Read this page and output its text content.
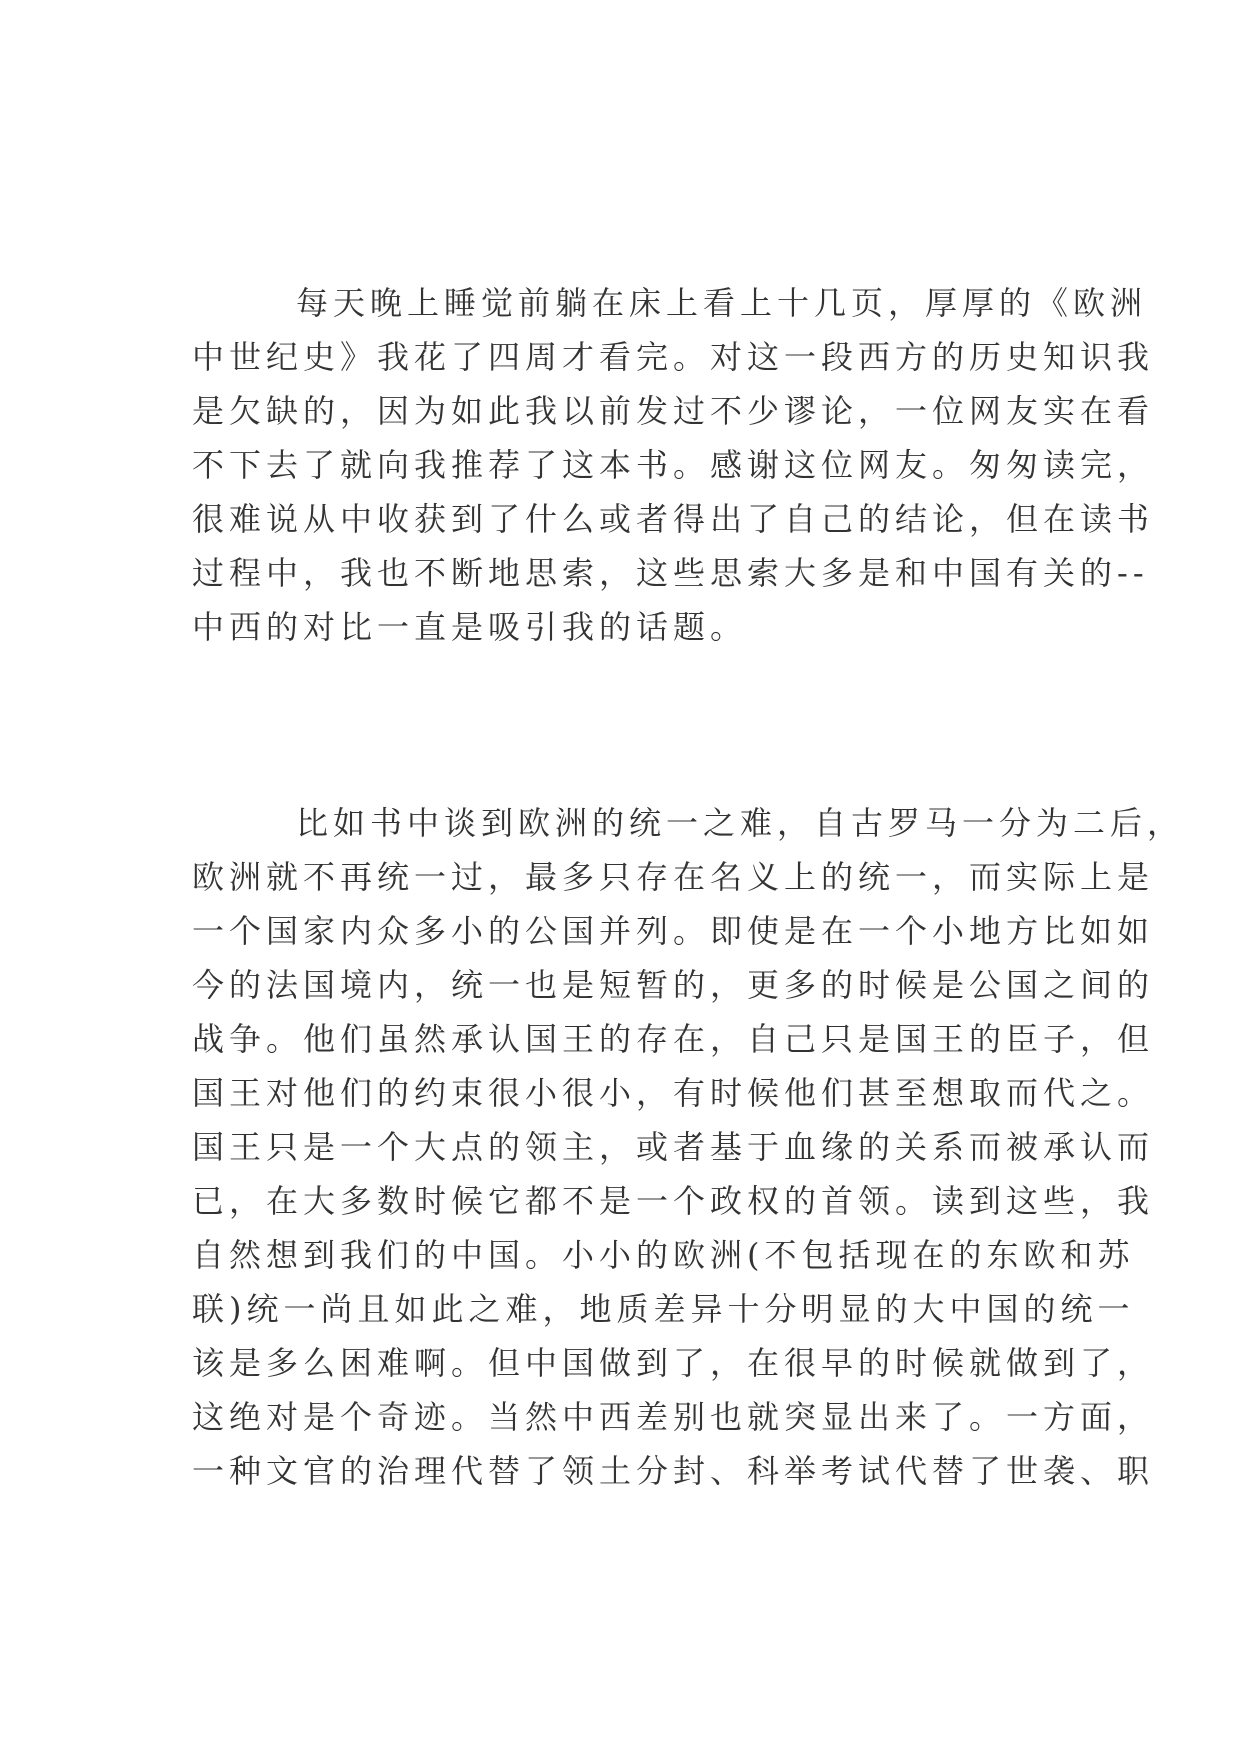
每天晚上睡觉前躺在床上看上十几页，厚厚的《欧洲
中世纪史》我花了四周才看完。对这一段西方的历史知识我
是欠缺的，因为如此我以前发过不少谬论，一位网友实在看
不下去了就向我推荐了这本书。感谢这位网友。匆匆读完，
很难说从中收获到了什么或者得出了自己的结论，但在读书
过程中，我也不断地思索，这些思索大多是和中国有关的--
中西的对比一直是吸引我的话题。
比如书中谈到欧洲的统一之难，自古罗马一分为二后，
欧洲就不再统一过，最多只存在名义上的统一，而实际上是
一个国家内众多小的公国并列。即使是在一个小地方比如如
今的法国境内，统一也是短暂的，更多的时候是公国之间的
战争。他们虽然承认国王的存在，自己只是国王的臣子，但
国王对他们的约束很小很小，有时候他们甚至想取而代之。
国王只是一个大点的领主，或者基于血缘的关系而被承认而
已，在大多数时候它都不是一个政权的首领。读到这些，我
自然想到我们的中国。小小的欧洲(不包括现在的东欧和苏
联)统一尚且如此之难，地质差异十分明显的大中国的统一
该是多么困难啊。但中国做到了，在很早的时候就做到了，
这绝对是个奇迹。当然中西差别也就突显出来了。一方面，
一种文官的治理代替了领土分封、科举考试代替了世袭、职
